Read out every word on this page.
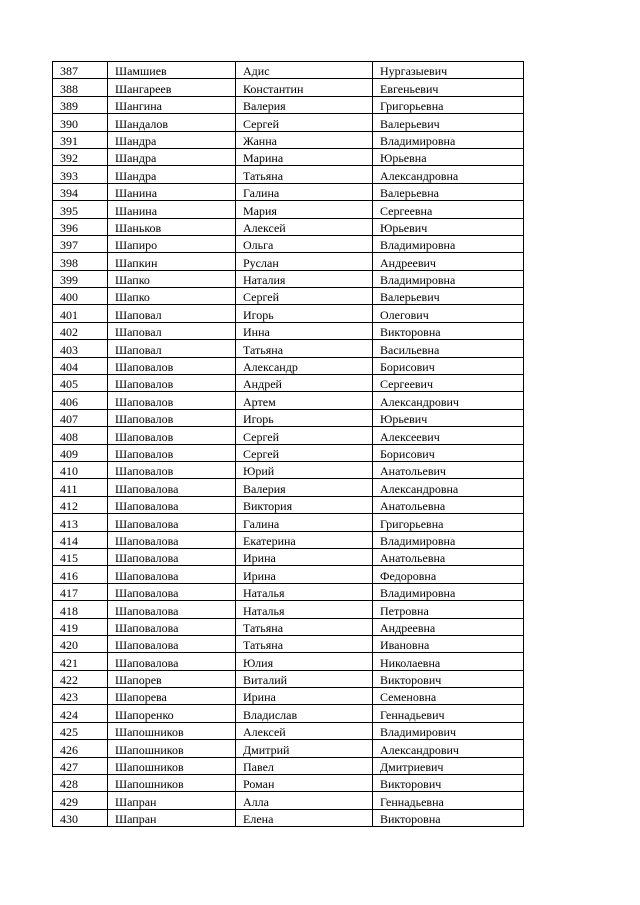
387	Шамшиев	Адис	Нургазыевич
388	Шангареев	Константин	Евгеньевич
389	Шангина	Валерия	Григорьевна
390	Шандалов	Сергей	Валерьевич
391	Шандра	Жанна	Владимировна
392	Шандра	Марина	Юрьевна
393	Шандра	Татьяна	Александровна
394	Шанина	Галина	Валерьевна
395	Шанина	Мария	Сергеевна
396	Шаньков	Алексей	Юрьевич
397	Шапиро	Ольга	Владимировна
398	Шапкин	Руслан	Андреевич
399	Шапко	Наталия	Владимировна
400	Шапко	Сергей	Валерьевич
401	Шаповал	Игорь	Олегович
402	Шаповал	Инна	Викторовна
403	Шаповал	Татьяна	Васильевна
404	Шаповалов	Александр	Борисович
405	Шаповалов	Андрей	Сергеевич
406	Шаповалов	Артем	Александрович
407	Шаповалов	Игорь	Юрьевич
408	Шаповалов	Сергей	Алексеевич
409	Шаповалов	Сергей	Борисович
410	Шаповалов	Юрий	Анатольевич
411	Шаповалова	Валерия	Александровна
412	Шаповалова	Виктория	Анатольевна
413	Шаповалова	Галина	Григорьевна
414	Шаповалова	Екатерина	Владимировна
415	Шаповалова	Ирина	Анатольевна
416	Шаповалова	Ирина	Федоровна
417	Шаповалова	Наталья	Владимировна
418	Шаповалова	Наталья	Петровна
419	Шаповалова	Татьяна	Андреевна
420	Шаповалова	Татьяна	Ивановна
421	Шаповалова	Юлия	Николаевна
422	Шапорев	Виталий	Викторович
423	Шапорева	Ирина	Семеновна
424	Шапоренко	Владислав	Геннадьевич
425	Шапошников	Алексей	Владимирович
426	Шапошников	Дмитрий	Александрович
427	Шапошников	Павел	Дмитриевич
428	Шапошников	Роман	Викторович
429	Шапран	Алла	Геннадьевна
430	Шапран	Елена	Викторовна
